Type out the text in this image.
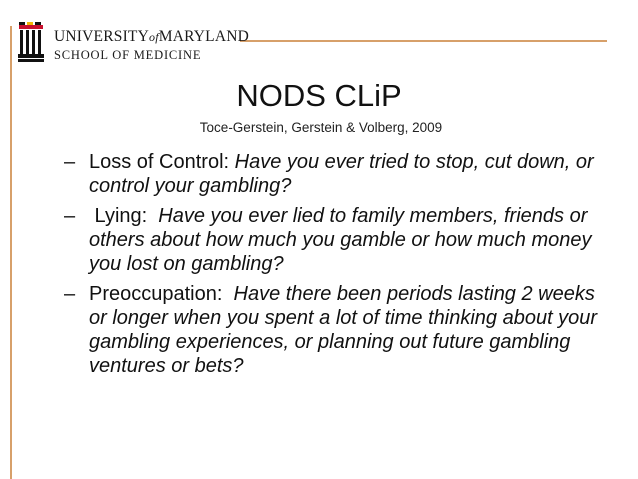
UNIVERSITYofMARYLAND
SCHOOL OF MEDICINE
NODS CLiP
Toce-Gerstein, Gerstein & Volberg, 2009
– Loss of Control: Have you ever tried to stop, cut down, or control your gambling?
– Lying:  Have you ever lied to family members, friends or others about how much you gamble or how much money you lost on gambling?
– Preoccupation:  Have there been periods lasting 2 weeks or longer when you spent a lot of time thinking about your gambling experiences, or planning out future gambling ventures or bets?
